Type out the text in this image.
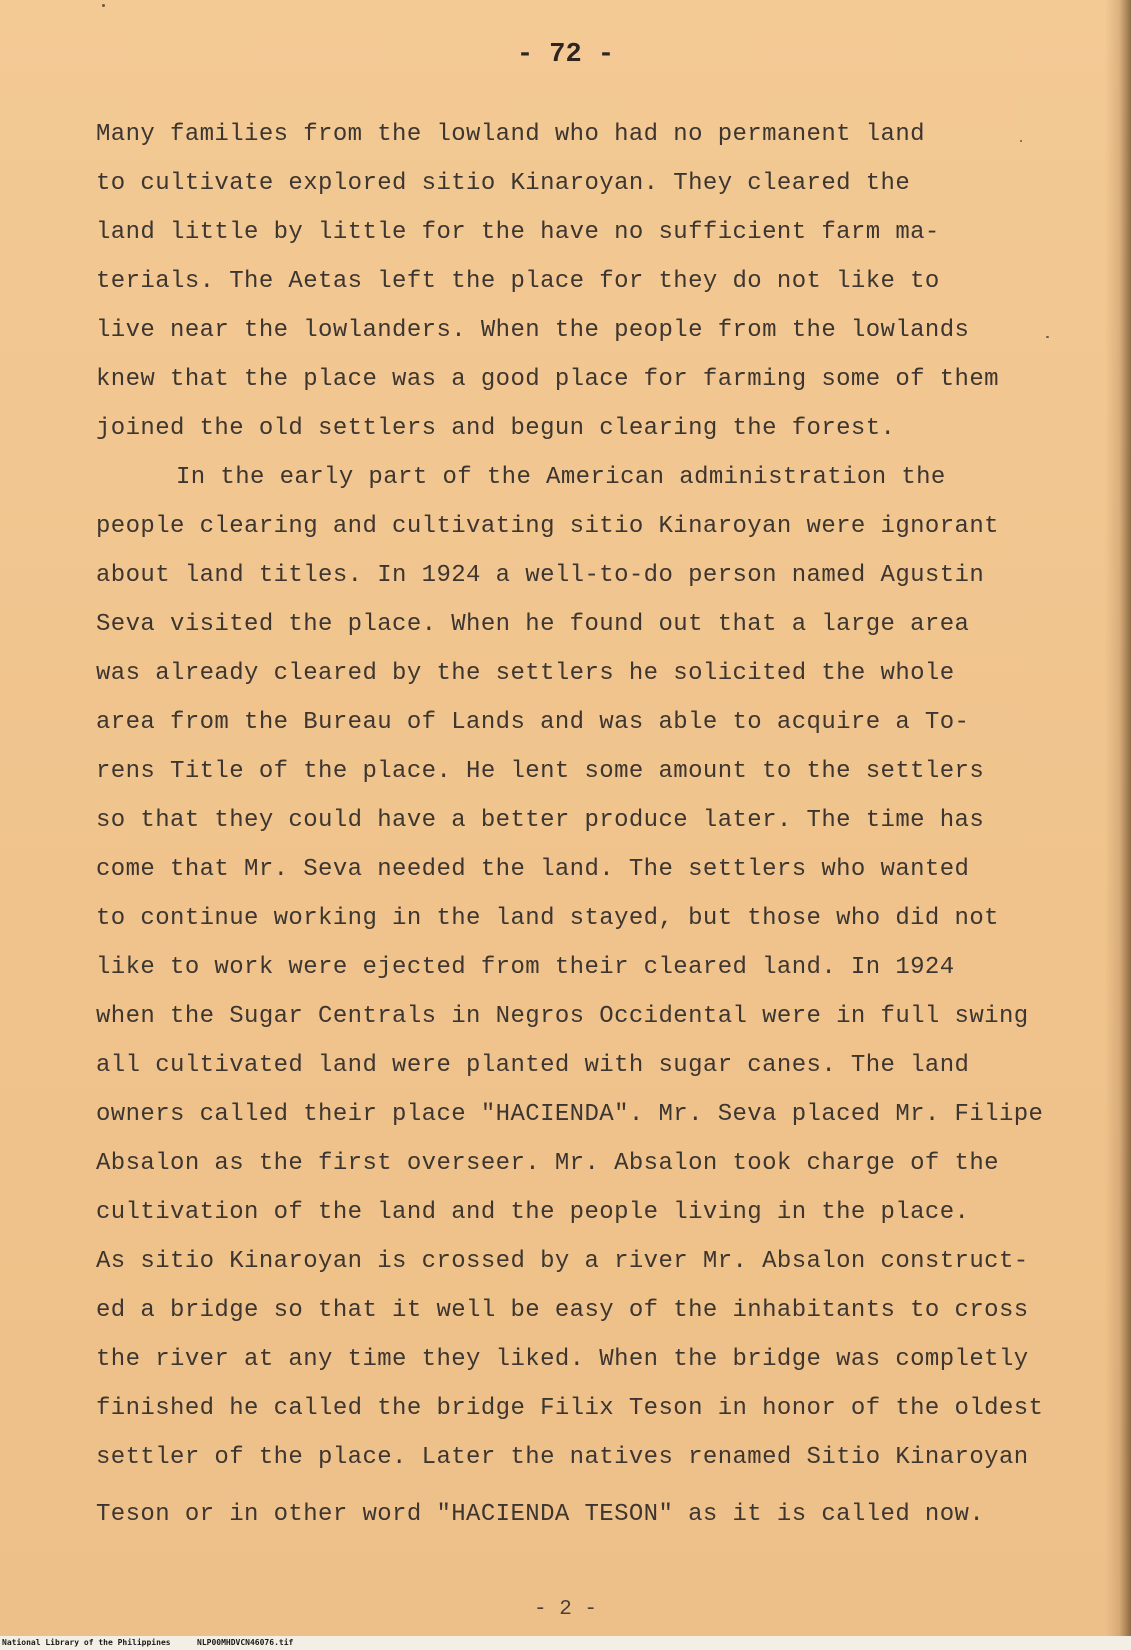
- 72 -
Many families from the lowland who had no permanent land
to cultivate explored sitio Kinaroyan. They cleared the
land little by little for the have no sufficient farm ma-
terials. The Aetas left the place for they do not like to
live near the lowlanders. When the people from the lowlands
knew that the place was a good place for farming some of them
joined the old settlers and begun clearing the forest.
In the early part of the American administration the
people clearing and cultivating sitio Kinaroyan were ignorant
about land titles. In 1924 a well-to-do person named Agustin
Seva visited the place. When he found out that a large area
was already cleared by the settlers he solicited the whole
area from the Bureau of Lands and was able to acquire a To-
rens Title of the place. He lent some amount to the settlers
so that they could have a better produce later. The time has
come that Mr. Seva needed the land. The settlers who wanted
to continue working in the land stayed, but those who did not
like to work were ejected from their cleared land. In 1924
when the Sugar Centrals in Negros Occidental were in full swing
all cultivated land were planted with sugar canes. The land
owners called their place "HACIENDA". Mr. Seva placed Mr. Filipe
Absalon as the first overseer. Mr. Absalon took charge of the
cultivation of the land and the people living in the place.
As sitio Kinaroyan is crossed by a river Mr. Absalon construct-
ed a bridge so that it well be easy of the inhabitants to cross
the river at any time they liked. When the bridge was completly
finished he called the bridge Filix Teson in honor of the oldest
settler of the place. Later the natives renamed Sitio Kinaroyan
Teson or in other word "HACIENDA TESON" as it is called now.
- 2 -
National Library of the Philippines	NLP00MHDVCN46076.tif
